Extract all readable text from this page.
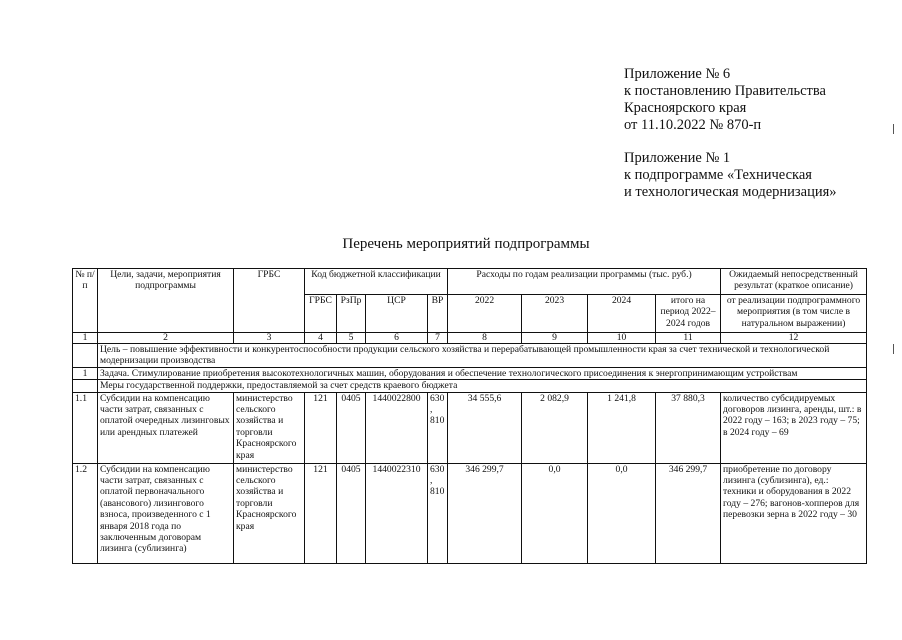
Приложение № 6
к постановлению Правительства
Красноярского края
от 11.10.2022 № 870-п
Приложение № 1
к подпрограмме «Техническая
и технологическая модернизация»
Перечень мероприятий подпрограммы
№ п/п	Цели, задачи, мероприятия подпрограммы	ГРБС	Код бюджетной классификации				Расходы по годам реализации программы (тыс. руб.)				Ожидаемый непосредственный результат (краткое описание)
			ГРБС	РзПр	ЦСР	ВР	2022	2023	2024	итого на период 2022–2024 годов	от реализации подпрограммного мероприятия (в том числе в натуральном выражении)
1	2	3	4	5	6	7	8	9	10	11	12
	Цель – повышение эффективности и конкурентоспособности продукции сельского хозяйства и перерабатывающей промышленности края за счет технической и технологической модернизации производства										
1	Задача. Стимулирование приобретения высокотехнологичных машин, оборудования и обеспечение технологического присоединения к энергопринимающим устройствам										
	Меры государственной поддержки, предоставляемой за счет средств краевого бюджета										
1.1	Субсидии на компенсацию части затрат, связанных с оплатой очередных лизинговых или арендных платежей	министерство сельского хозяйства и торговли Красноярского края	121	0405	1440022800	630, 810	34 555,6	2 082,9	1 241,8	37 880,3	количество субсидируемых договоров лизинга, аренды, шт.: в 2022 году – 163; в 2023 году – 75; в 2024 году – 69
1.2	Субсидии на компенсацию части затрат, связанных с оплатой первоначального (авансового) лизингового взноса, произведенного с 1 января 2018 года по заключенным договорам лизинга (сублизинга)	министерство сельского хозяйства и торговли Красноярского края	121	0405	1440022310	630, 810	346 299,7	0,0	0,0	346 299,7	приобретение по договору лизинга (сублизинга), ед.: техники и оборудования в 2022 году – 276; вагонов-хопперов для перевозки зерна в 2022 году – 30
